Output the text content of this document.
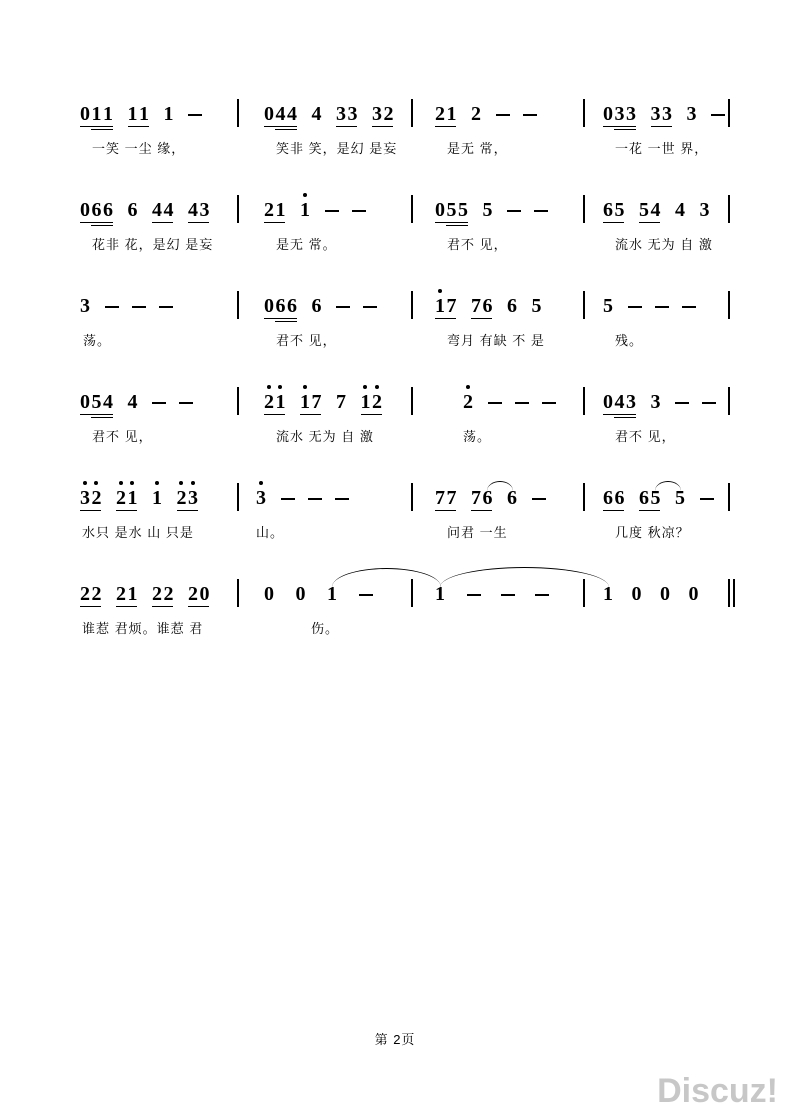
011 11 1
一笑 一尘 缘，
044 4 33 32
笑非 笑，是幻 是妄
21 2
是无 常，
033 33 3
一花 一世 界，
066 6 44 43
花非 花，是幻 是妄
21 1
是无 常。
055 5
君不 见，
65 54 4 3
流水 无为 自 激
3
荡。
066 6
君不 见，
17 76 6 5
弯月 有缺 不 是
5
残。
054 4
君不 见，
21 17 7 12
流水 无为 自 激
2
荡。
043 3
君不 见，
32 21 1 23
水只 是水 山 只是
3
山。
77 76 6
问君 一生
66 65 5
几度 秋凉？
22 21 22 20
谁惹 君烦。谁惹 君
0 0 1
伤。
1	1 0 0 0
第 2页
Discuz!
